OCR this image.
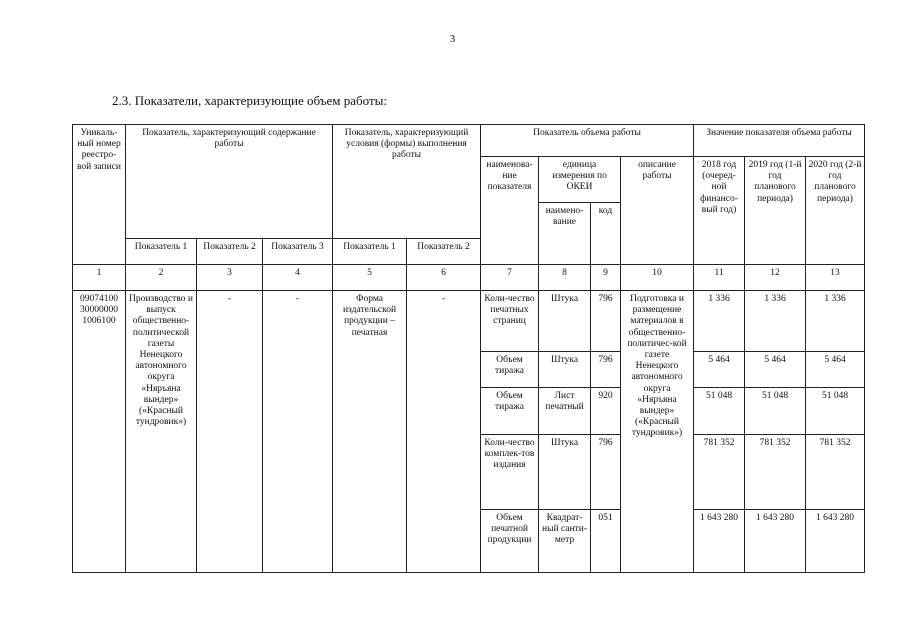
3
2.3. Показатели, характеризующие объем работы:
Уникаль-ный номер реестро-вой записи	Показатель, характеризующий содержание работы			Показатель, характеризующий условия (формы) выполнения работы		Показатель объема работы				Значение показателя объема работы		
						наименова-ние показателя	единица измерения по ОКЕИ		описание работы	2018 год (очеред-ной финансо-вый год)	2019 год (1-й год планового периода)	2020 год (2-й год планового периода)
							наимено-вание	код				
	Показатель 1	Показатель 2	Показатель 3	Показатель 1	Показатель 2							
1	2	3	4	5	6	7	8	9	10	11	12	13
09074100 30000000 1006100	Производство и выпуск общественно-политической газеты Ненецкого автономного округа «Няръяна вындер» («Красный тундровик»)	-	-	Форма издательской продукции – печатная	-	Коли-чество печатных страниц	Штука	796	Подготовка и размещение материалов в общественно-политичес-кой газете Ненецкого автономного округа «Няръяна вындер» («Красный тундровик»)	1 336	1 336	1 336
						Объем тиража	Штука	796		5 464	5 464	5 464
						Объем тиража	Лист печатный	920		51 048	51 048	51 048
						Коли-чество комплек-тов издания	Штука	796		781 352	781 352	781 352
						Объем печатной продукции	Квадрат-ный санти-метр	051		1 643 280	1 643 280	1 643 280
